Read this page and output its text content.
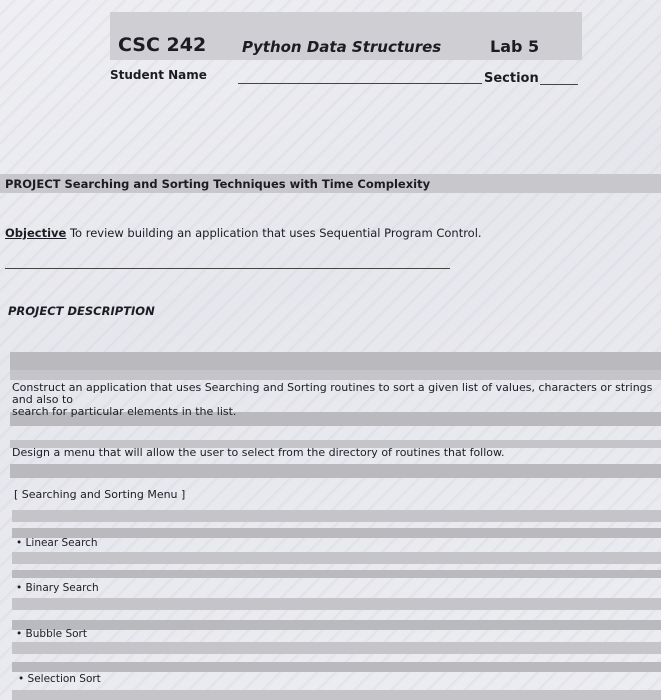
CSC 242 Python Data Structures	Lab 5
Student Name	Section
PROJECT Searching and Sorting Techniques with Time Complexity
Objective To review building an application that uses Sequential Program Control.
PROJECT DESCRIPTION
Construct an application that uses Searching and Sorting routines to sort a given list of values, characters or strings and also to
search for particular elements in the list.
Design a menu that will allow the user to select from the directory of routines that follow.
[ Searching and Sorting Menu ]
• Linear Search
• Binary Search
• Bubble Sort
• Selection Sort
